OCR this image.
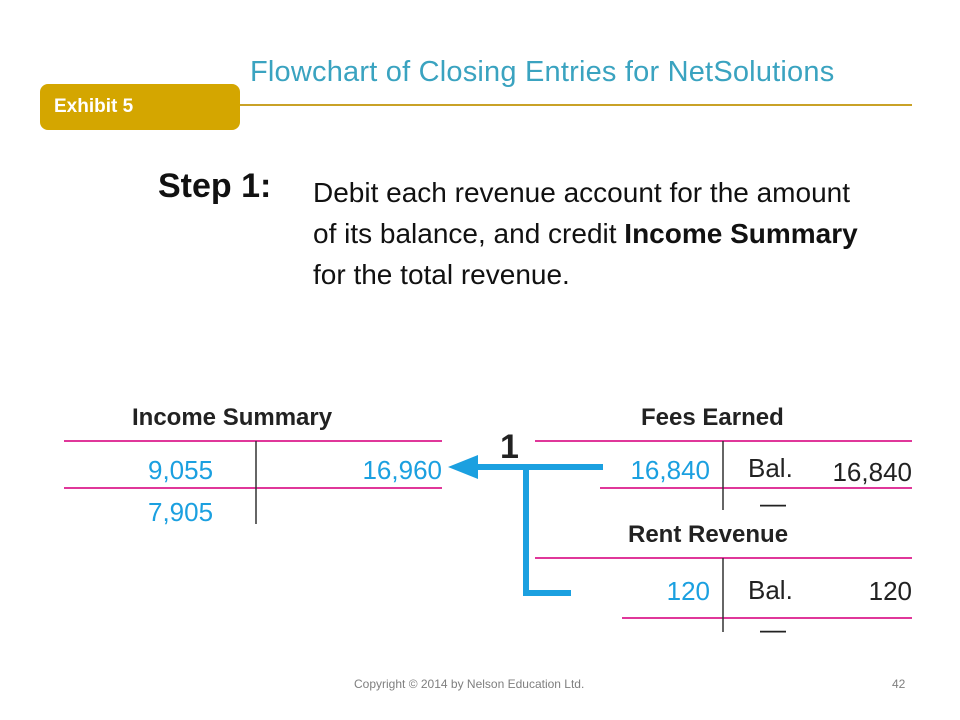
Flowchart of Closing Entries for NetSolutions
Exhibit 5
Step 1: Debit each revenue account for the amount of its balance, and credit Income Summary for the total revenue.
1
Income Summary
9,055	16,960
7,905
Fees Earned
16,840 Bal.	16,840
—
Rent Revenue
120 Bal.	120
—
Copyright © 2014 by Nelson Education Ltd.	42
